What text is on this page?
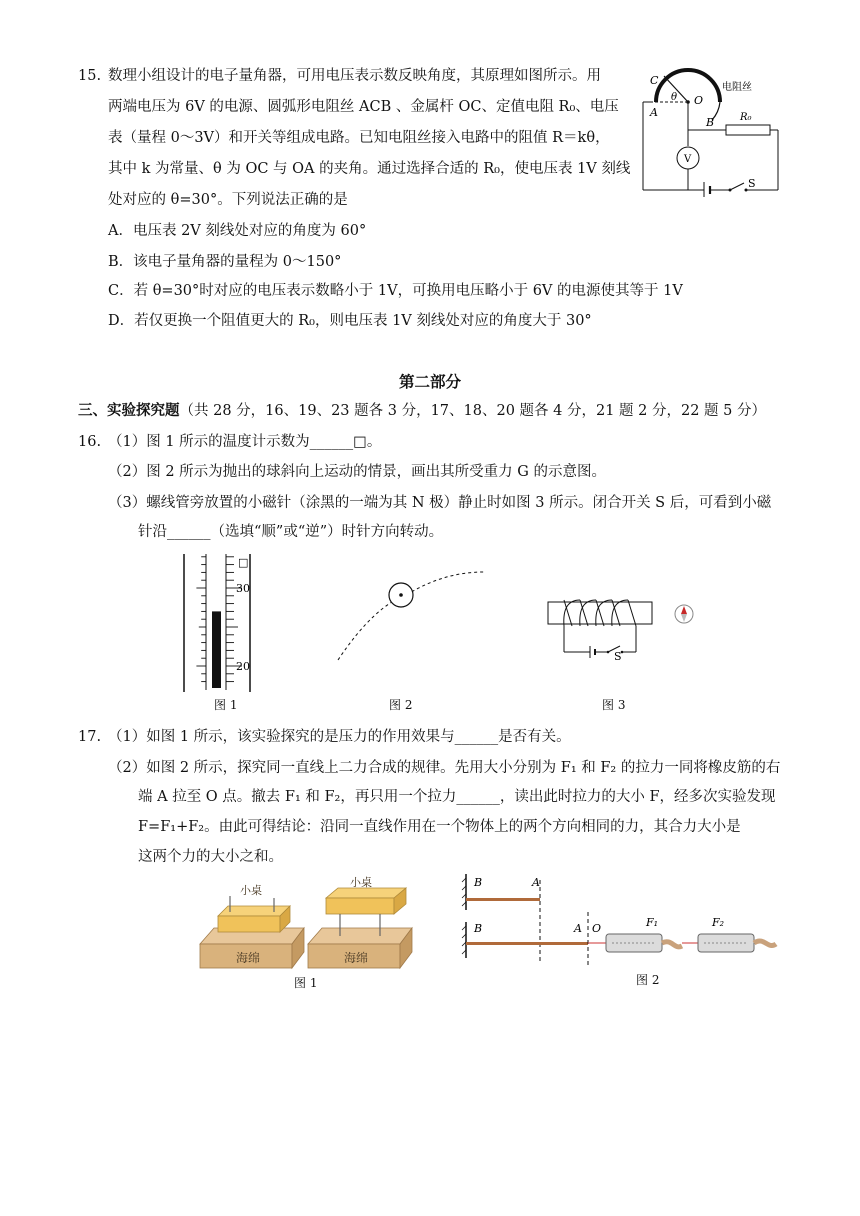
15. 数理小组设计的电子量角器，可用电压表示数反映角度，其原理如图所示。用
两端电压为 6V 的电源、圆弧形电阻丝 ACB 、金属杆 OC、定值电阻 R₀、电压
表（量程 0～3V）和开关等组成电路。已知电阻丝接入电路中的阻值 R＝kθ，
其中 k 为常量、θ 为 OC 与 OA 的夹角。通过选择合适的 R₀，使电压表 1V 刻线
处对应的 θ=30°。下列说法正确的是
A．电压表 2V 刻线处对应的角度为 60°
B．该电子量角器的量程为 0～150°
C．若 θ=30°时对应的电压表示数略小于 1V，可换用电压略小于 6V 的电源使其等于 1V
D．若仅更换一个阻值更大的 R₀，则电压表 1V 刻线处对应的角度大于 30°
C
θ O
A
B
电阻丝
R₀
V
S
第二部分
三、实验探究题（共 28 分，16、19、23 题各 3 分，17、18、20 题各 4 分，21 题 2 分，22 题 5 分）
16. （1）图 1 所示的温度计示数为______□。
（2）图 2 所示为抛出的球斜向上运动的情景，画出其所受重力 G 的示意图。
（3）螺线管旁放置的小磁针（涂黑的一端为其 N 极）静止时如图 3 所示。闭合开关 S 后，可看到小磁
针沿______（选填“顺”或“逆”）时针方向转动。
□
30
20
图 1	图 2
S
图 3
17. （1）如图 1 所示，该实验探究的是压力的作用效果与______是否有关。
（2）如图 2 所示，探究同一直线上二力合成的规律。先用大小分别为 F₁ 和 F₂ 的拉力一同将橡皮筋的右
端 A 拉至 O 点。撤去 F₁ 和 F₂，再只用一个拉力______，读出此时拉力的大小 F，经多次实验发现
F=F₁+F₂。由此可得结论：沿同一直线作用在一个物体上的两个方向相同的力，其合力大小是
这两个力的大小之和。
海绵
小桌
海绵
小桌
图 1
B	A
B	A O	F₁	F₂
图 2
